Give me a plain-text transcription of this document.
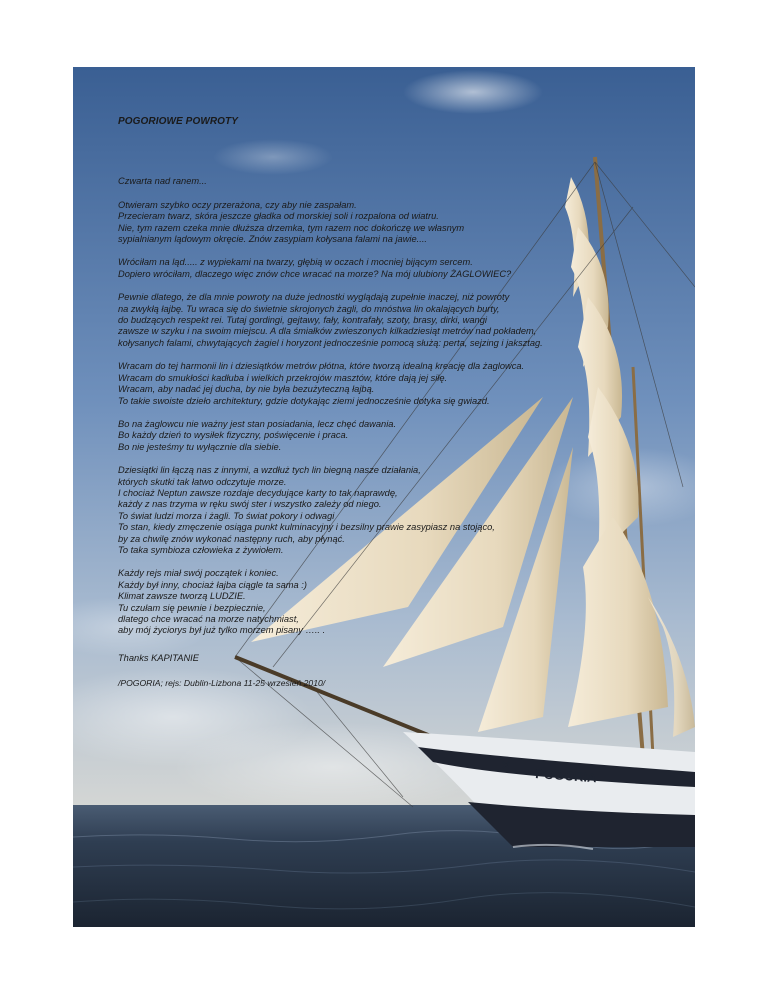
POGORIA
POGORIOWE POWROTY
Czwarta nad ranem...
Otwieram szybko oczy przerażona, czy aby nie zaspałam.
Przecieram twarz, skóra jeszcze gładka od morskiej soli i rozpalona od wiatru.
Nie, tym razem czeka mnie dłuższa drzemka, tym razem noc dokończę we własnym
sypialnianym lądowym okręcie. Znów zasypiam kołysana falami na jawie....
Wróciłam na ląd..... z wypiekami na twarzy, głębią w oczach i mocniej bijącym sercem.
Dopiero wróciłam, dlaczego więc znów chce wracać na morze? Na mój ulubiony ŻAGLOWIEC?
Pewnie dlatego, że dla mnie powroty na duże jednostki wyglądają zupełnie inaczej, niż powroty
na zwykłą łajbę. Tu wraca się do świetnie skrojonych żagli, do mnóstwa lin okalających burty,
do budzących respekt rei. Tutaj gordingi, gejtawy, fały, kontrafały, szoty, brasy, dirki, wangi
zawsze w szyku i na swoim miejscu. A dla śmiałków zwieszonych kilkadziesiąt metrów nad pokładem,
kołysanych falami, chwytających żagiel i horyzont jednocześnie pomocą służą: perta, sejzing i jaksztag.
Wracam do tej harmonii lin i dziesiątków metrów płótna, które tworzą idealną kreację dla żaglowca.
Wracam do smukłości kadłuba i wielkich przekrojów masztów, które dają jej siłę.
Wracam, aby nadać jej ducha, by nie była bezużyteczną łajbą.
To takie swoiste dzieło architektury, gdzie dotykając ziemi jednocześnie dotyka się gwiazd.
Bo na żaglowcu nie ważny jest stan posiadania, lecz chęć dawania.
Bo każdy dzień to wysiłek fizyczny, poświęcenie i praca.
Bo nie jesteśmy tu wyłącznie dla siebie.
Dziesiątki lin łączą nas z innymi, a wzdłuż tych lin biegną nasze działania,
których skutki tak łatwo odczytuje morze.
I chociaż Neptun zawsze rozdaje decydujące karty to tak naprawdę,
każdy z nas trzyma w ręku swój ster i wszystko zależy od niego.
To świat ludzi morza i żagli. To świat pokory i odwagi
To stan, kiedy zmęczenie osiąga punkt kulminacyjny i bezsilny prawie zasypiasz na stojąco,
by za chwilę znów wykonać następny ruch, aby płynąć.
To taka symbioza człowieka z żywiołem.
Każdy rejs miał swój początek i koniec.
Każdy był inny, chociaż łajba ciągle ta sama :)
Klimat zawsze tworzą LUDZIE.
Tu czułam się pewnie i bezpiecznie,
dlatego chce wracać na morze natychmiast,
aby mój życiorys był już tylko morzem pisany ….. .
Thanks KAPITANIE
/POGORIA; rejs: Dublin-Lizbona 11-25 wrzesień 2010/
